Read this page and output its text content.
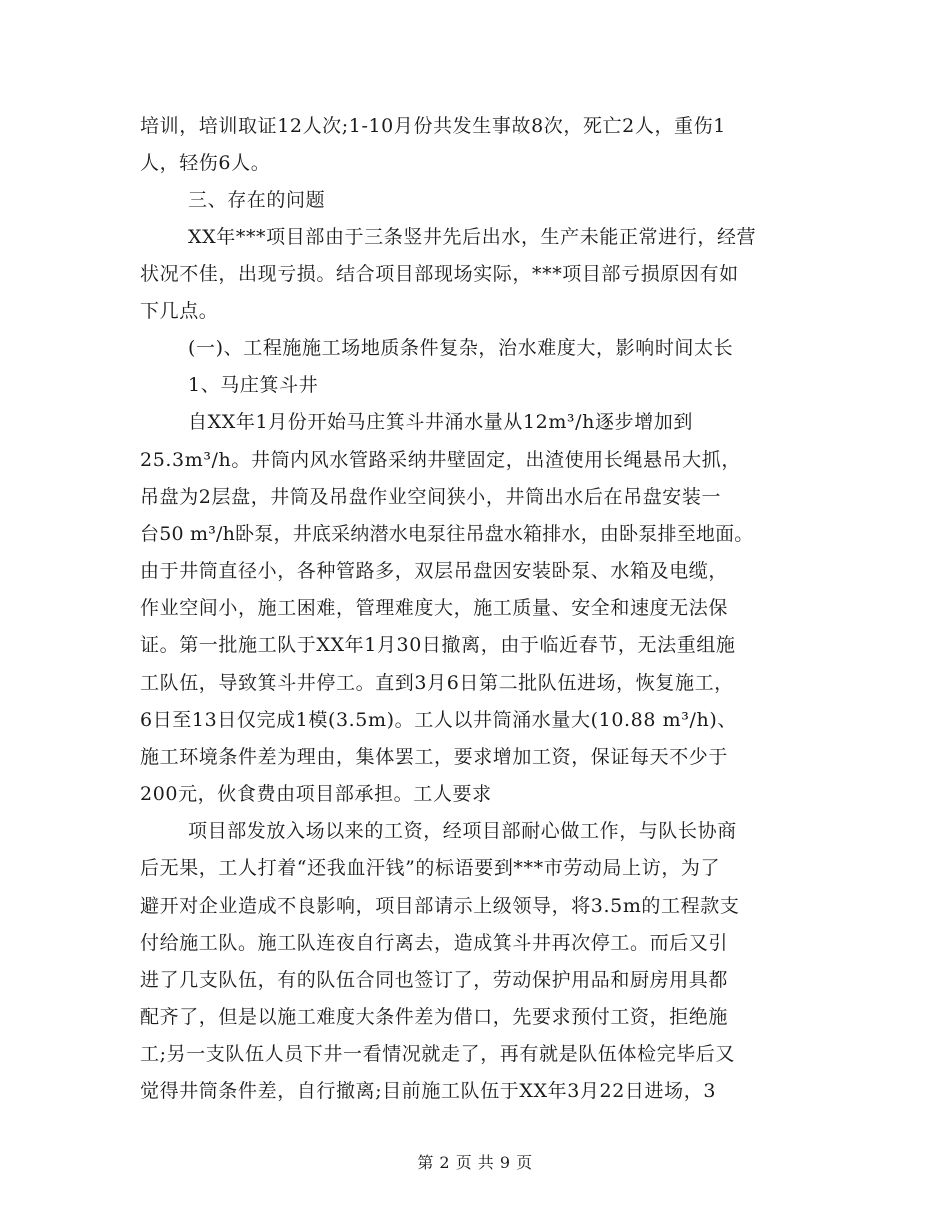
培训，培训取证12人次;1-10月份共发生事故8次，死亡2人，重伤1
人，轻伤6人。
三、存在的问题
XX年***项目部由于三条竖井先后出水，生产未能正常进行，经营
状况不佳，出现亏损。结合项目部现场实际，***项目部亏损原因有如
下几点。
(一)、工程施施工场地质条件复杂，治水难度大，影响时间太长
1、马庄箕斗井
自XX年1月份开始马庄箕斗井涌水量从12m³/h逐步增加到
25.3m³/h。井筒内风水管路采纳井壁固定，出渣使用长绳悬吊大抓，
吊盘为2层盘，井筒及吊盘作业空间狭小，井筒出水后在吊盘安装一
台50 m³/h卧泵，井底采纳潜水电泵往吊盘水箱排水，由卧泵排至地面。
由于井筒直径小，各种管路多，双层吊盘因安装卧泵、水箱及电缆，
作业空间小，施工困难，管理难度大，施工质量、安全和速度无法保
证。第一批施工队于XX年1月30日撤离，由于临近春节，无法重组施
工队伍，导致箕斗井停工。直到3月6日第二批队伍进场，恢复施工，
6日至13日仅完成1模(3.5m)。工人以井筒涌水量大(10.88 m³/h)、
施工环境条件差为理由，集体罢工，要求增加工资，保证每天不少于
200元，伙食费由项目部承担。工人要求
项目部发放入场以来的工资，经项目部耐心做工作，与队长协商
后无果，工人打着“还我血汗钱”的标语要到***市劳动局上访，为了
避开对企业造成不良影响，项目部请示上级领导，将3.5m的工程款支
付给施工队。施工队连夜自行离去，造成箕斗井再次停工。而后又引
进了几支队伍，有的队伍合同也签订了，劳动保护用品和厨房用具都
配齐了，但是以施工难度大条件差为借口，先要求预付工资，拒绝施
工;另一支队伍人员下井一看情况就走了，再有就是队伍体检完毕后又
觉得井筒条件差，自行撤离;目前施工队伍于XX年3月22日进场，3
第 2 页 共 9 页
